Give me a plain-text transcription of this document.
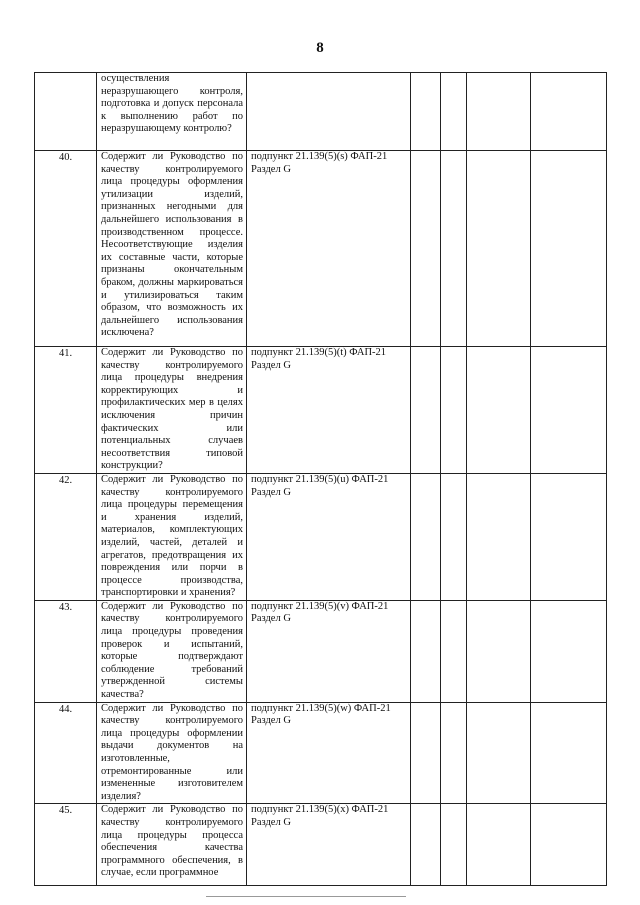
8

	осуществления неразрушающего контроля, подготовка и допуск персонала к выполнению работ по неразрушающему контролю?					

40.	Содержит ли Руководство по качеству контролируемого лица процедуры оформления утилизации изделий, признанных негодными для дальнейшего использования в производственном процессе. Несоответствующие изделия их составные части, которые признаны окончательным браком, должны маркироваться и утилизироваться таким образом, что возможность их дальнейшего использования исключена?	подпункт 21.139(5)(s) ФАП-21
Раздел G				

41.	Содержит ли Руководство по качеству контролируемого лица процедуры внедрения корректирующих и профилактических мер в целях исключения причин фактических или потенциальных случаев несоответствия типовой конструкции?	подпункт 21.139(5)(t) ФАП-21
Раздел G				

42.	Содержит ли Руководство по качеству контролируемого лица процедуры перемещения и хранения изделий, материалов, комплектующих изделий, частей, деталей и агрегатов, предотвращения их повреждения или порчи в процессе производства, транспортировки и хранения?	подпункт 21.139(5)(u) ФАП-21
Раздел G				

43.	Содержит ли Руководство по качеству контролируемого лица процедуры проведения проверок и испытаний, которые подтверждают соблюдение требований утвержденной системы качества?	подпункт 21.139(5)(v) ФАП-21
Раздел G				

44.	Содержит ли Руководство по качеству контролируемого лица процедуры оформлении выдачи документов на изготовленные, отремонтированные или измененные изготовителем изделия?	подпункт 21.139(5)(w) ФАП-21
Раздел G				

45.	Содержит ли Руководство по качеству контролируемого лица процедуры процесса обеспечения качества программного обеспечения, в случае, если программное	подпункт 21.139(5)(x) ФАП-21
Раздел G				
